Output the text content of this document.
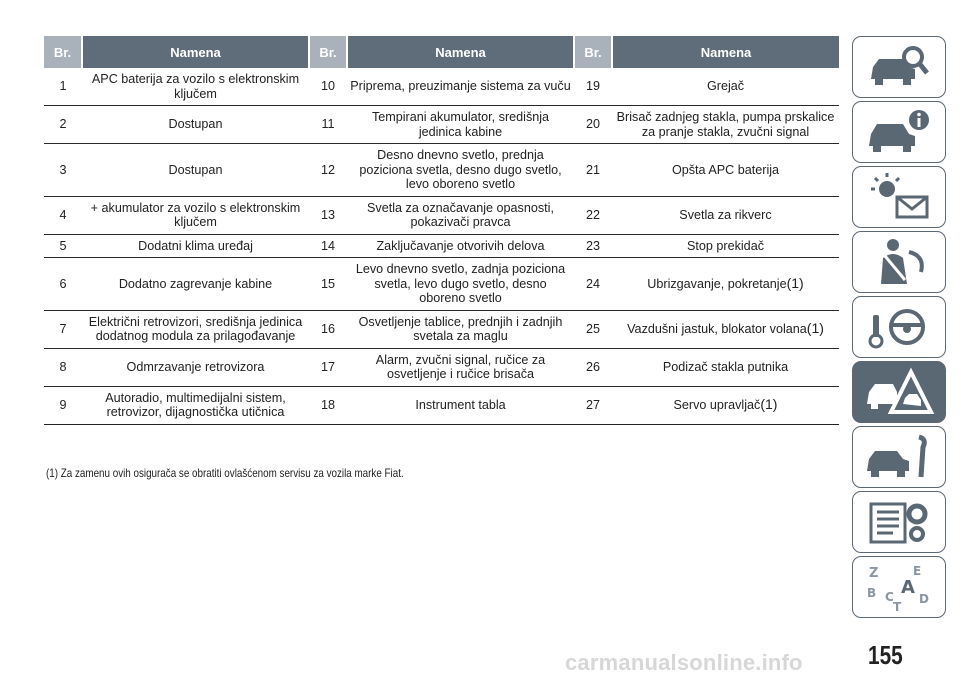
Br.	Namena	Br.	Namena	Br.	Namena
1	APC baterija za vozilo s elektronskim ključem	10	Priprema, preuzimanje sistema za vuču	19	Grejač
2	Dostupan	11	Tempirani akumulator, središnja jedinica kabine	20	Brisač zadnjeg stakla, pumpa prskalice za pranje stakla, zvučni signal
3	Dostupan	12	Desno dnevno svetlo, prednja poziciona svetla, desno dugo svetlo, levo oboreno svetlo	21	Opšta APC baterija
4	+ akumulator za vozilo s elektronskim ključem	13	Svetla za označavanje opasnosti, pokazivači pravca	22	Svetla za rikverc
5	Dodatni klima uređaj	14	Zaključavanje otvorivih delova	23	Stop prekidač
6	Dodatno zagrevanje kabine	15	Levo dnevno svetlo, zadnja poziciona svetla, levo dugo svetlo, desno oboreno svetlo	24	Ubrizgavanje, pokretanje(1)
7	Električni retrovizori, središnja jedinica dodatnog modula za prilagođavanje	16	Osvetljenje tablice, prednjih i zadnjih svetala za maglu	25	Vazdušni jastuk, blokator volana(1)
8	Odmrzavanje retrovizora	17	Alarm, zvučni signal, ručice za osvetljenje i ručice brisača	26	Podizač stakla putnika
9	Autoradio, multimedijalni sistem, retrovizor, dijagnostička utičnica	18	Instrument tabla	27	Servo upravljač(1)
(1) Za zamenu ovih osigurača se obratiti ovlašćenom servisu za vozila marke Fiat.
Z	E
B A
C D
T
155
carmanualsonline.info
